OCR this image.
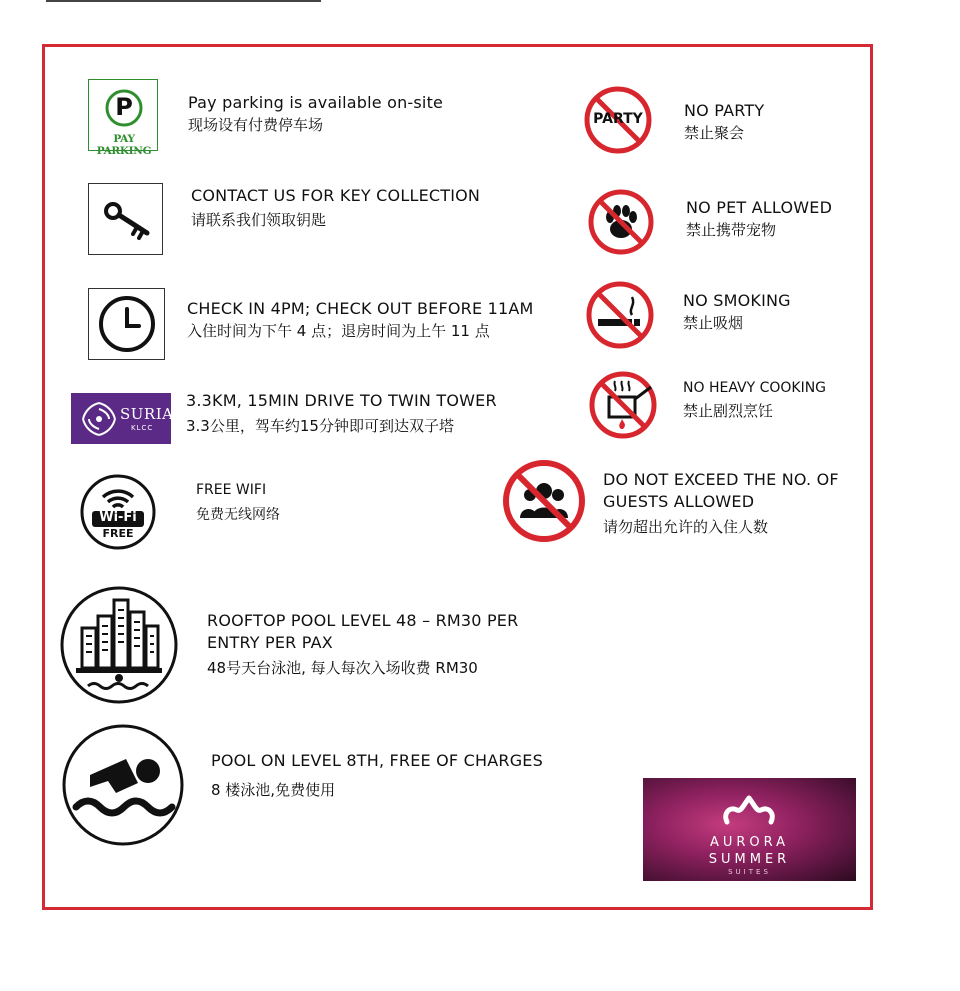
P
PAY PARKING
Pay parking is available on-site
现场设有付费停车场
CONTACT US FOR KEY COLLECTION
请联系我们领取钥匙
CHECK IN 4PM; CHECK OUT BEFORE 11AM
入住时间为下午 4 点；退房时间为上午 11 点
SURIA
KLCC
3.3KM, 15MIN DRIVE TO TWIN TOWER
3.3公里，驾车约15分钟即可到达双子塔
Wi-Fi
FREE
FREE WIFI
免费无线网络
ROOFTOP POOL LEVEL 48 – RM30 PER
ENTRY PER PAX
48号天台泳池, 每人每次入场收费 RM30
POOL ON LEVEL 8TH, FREE OF CHARGES
8 楼泳池,免费使用
PARTY	NO PARTY
禁止聚会
NO PET ALLOWED
禁止携带宠物
NO SMOKING
禁止吸烟
NO HEAVY COOKING
禁止剧烈烹饪
DO NOT EXCEED THE NO. OF
GUESTS ALLOWED
请勿超出允许的入住人数
AURORA
SUMMER
SUITES
